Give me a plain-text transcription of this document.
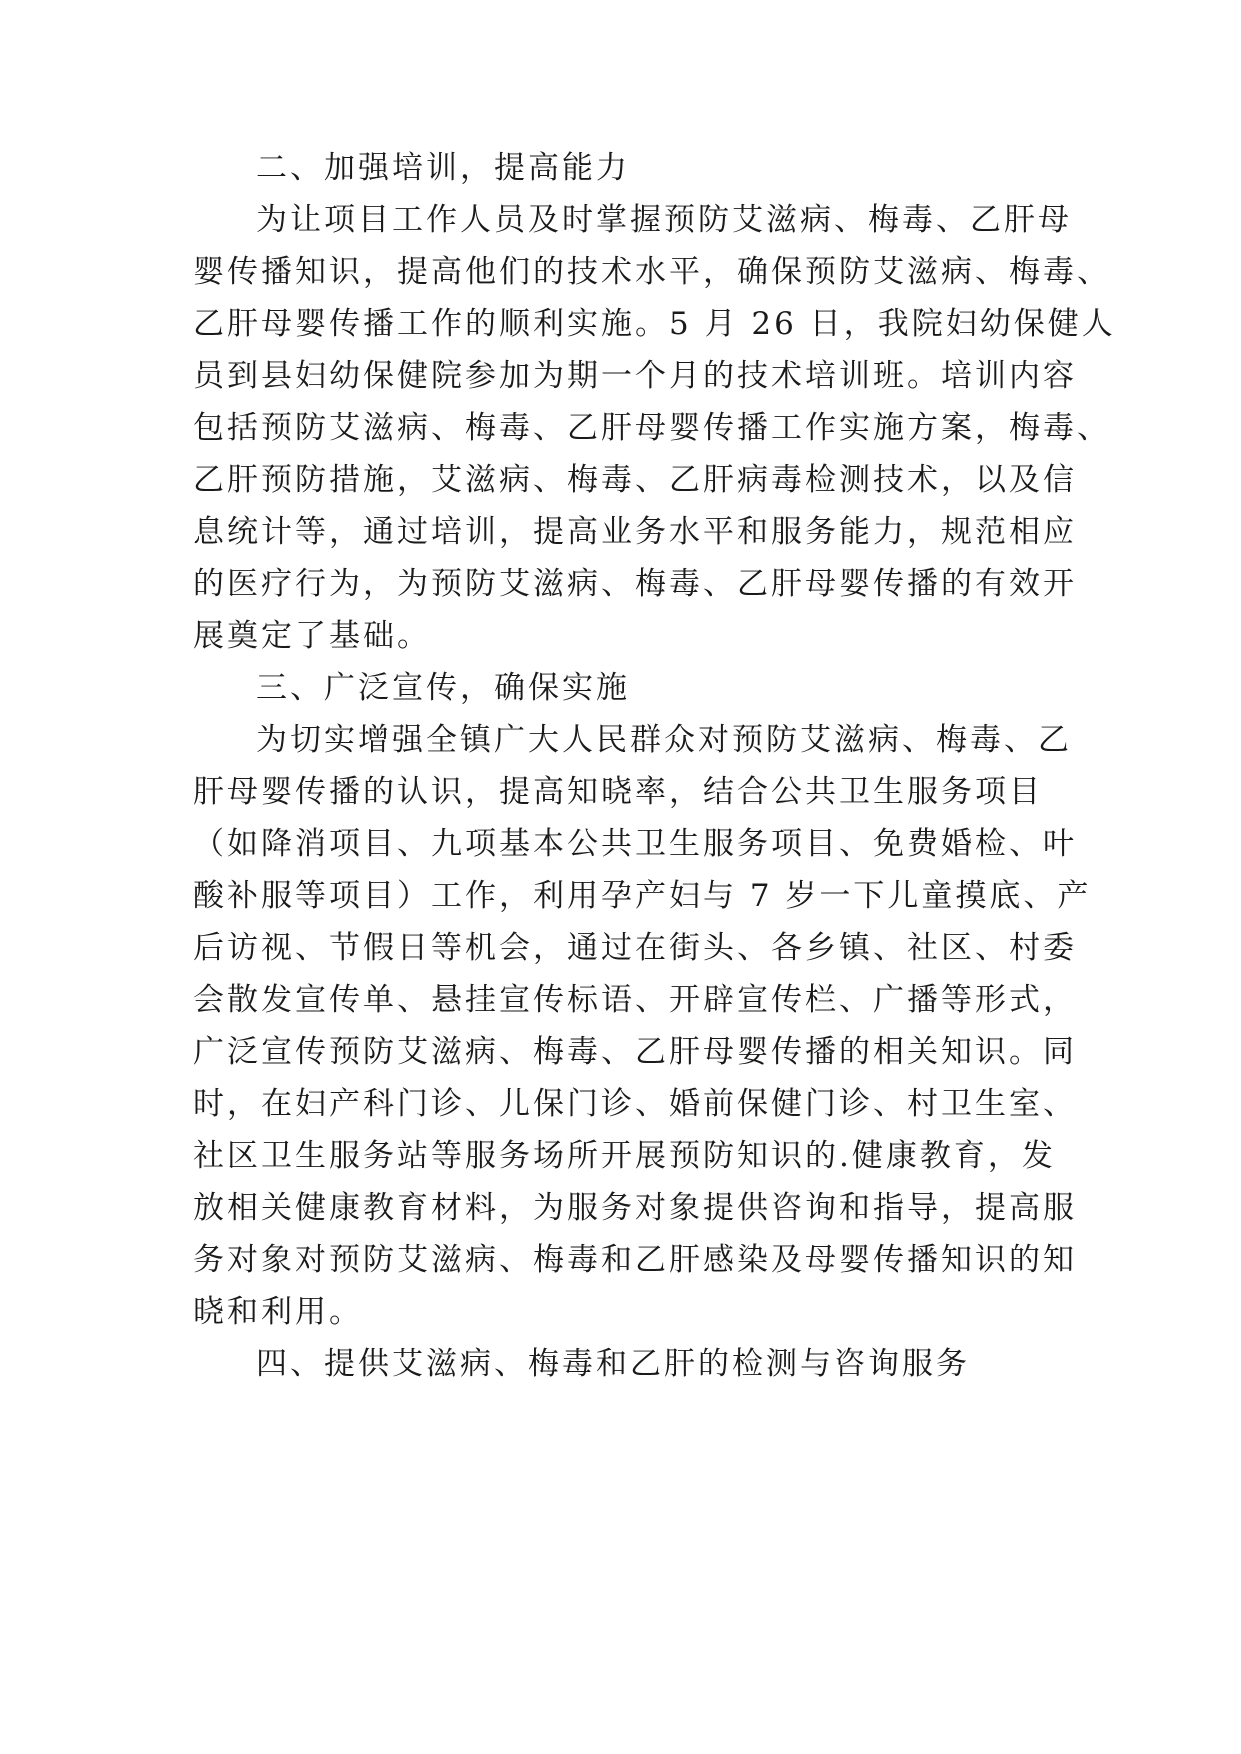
二、加强培训，提高能力
为让项目工作人员及时掌握预防艾滋病、梅毒、乙肝母
婴传播知识，提高他们的技术水平，确保预防艾滋病、梅毒、
乙肝母婴传播工作的顺利实施。5 月 26 日，我院妇幼保健人
员到县妇幼保健院参加为期一个月的技术培训班。培训内容
包括预防艾滋病、梅毒、乙肝母婴传播工作实施方案，梅毒、
乙肝预防措施，艾滋病、梅毒、乙肝病毒检测技术，以及信
息统计等，通过培训，提高业务水平和服务能力，规范相应
的医疗行为，为预防艾滋病、梅毒、乙肝母婴传播的有效开
展奠定了基础。
三、广泛宣传，确保实施
为切实增强全镇广大人民群众对预防艾滋病、梅毒、乙
肝母婴传播的认识，提高知晓率，结合公共卫生服务项目
（如降消项目、九项基本公共卫生服务项目、免费婚检、叶
酸补服等项目）工作，利用孕产妇与 7 岁一下儿童摸底、产
后访视、节假日等机会，通过在街头、各乡镇、社区、村委
会散发宣传单、悬挂宣传标语、开辟宣传栏、广播等形式，
广泛宣传预防艾滋病、梅毒、乙肝母婴传播的相关知识。同
时，在妇产科门诊、儿保门诊、婚前保健门诊、村卫生室、
社区卫生服务站等服务场所开展预防知识的.健康教育，发
放相关健康教育材料，为服务对象提供咨询和指导，提高服
务对象对预防艾滋病、梅毒和乙肝感染及母婴传播知识的知
晓和利用。
四、提供艾滋病、梅毒和乙肝的检测与咨询服务
